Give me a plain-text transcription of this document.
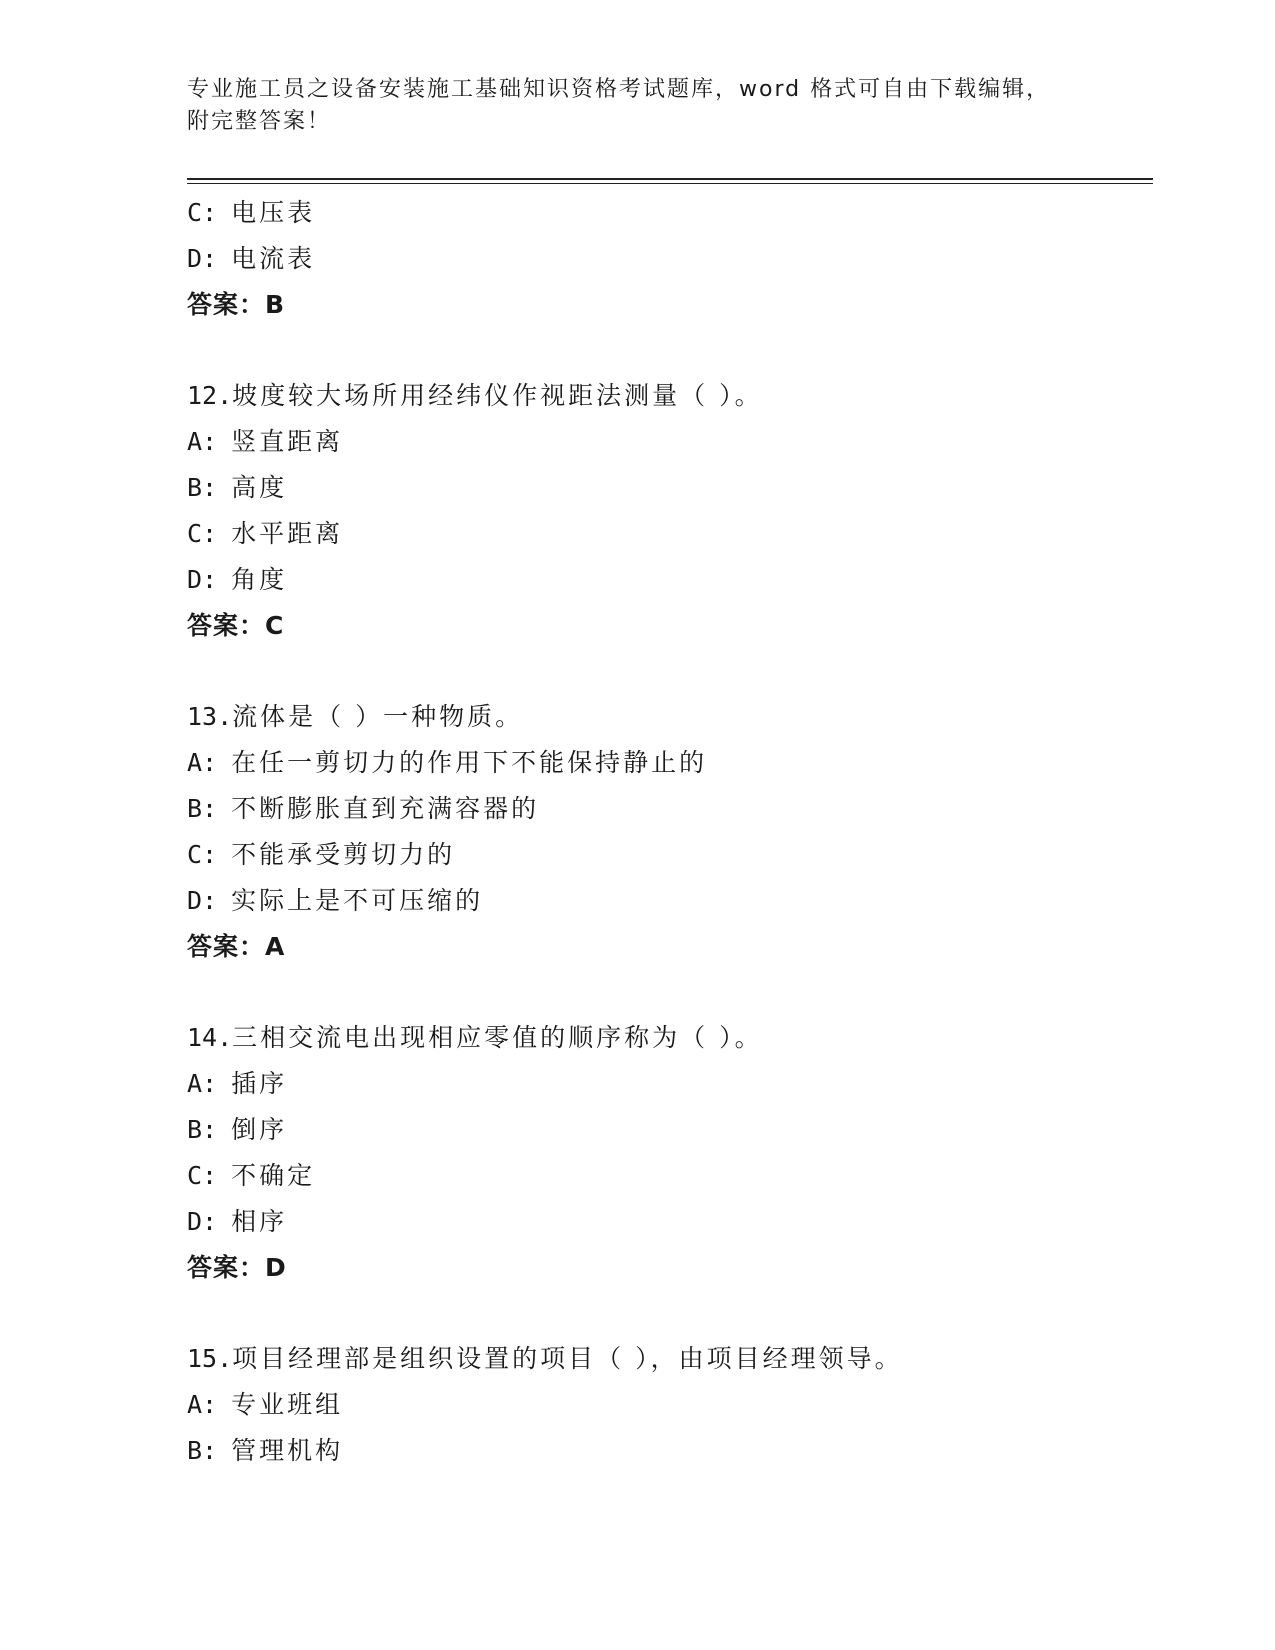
专业施工员之设备安装施工基础知识资格考试题库，word 格式可自由下载编辑，
附完整答案！
C: 电压表
D: 电流表
答案：B
12.坡度较大场所用经纬仪作视距法测量（ ）。
A: 竖直距离
B: 高度
C: 水平距离
D: 角度
答案：C
13.流体是（ ）一种物质。
A: 在任一剪切力的作用下不能保持静止的
B: 不断膨胀直到充满容器的
C: 不能承受剪切力的
D: 实际上是不可压缩的
答案：A
14.三相交流电出现相应零值的顺序称为（ ）。
A: 插序
B: 倒序
C: 不确定
D: 相序
答案：D
15.项目经理部是组织设置的项目（ ），由项目经理领导。
A: 专业班组
B: 管理机构
